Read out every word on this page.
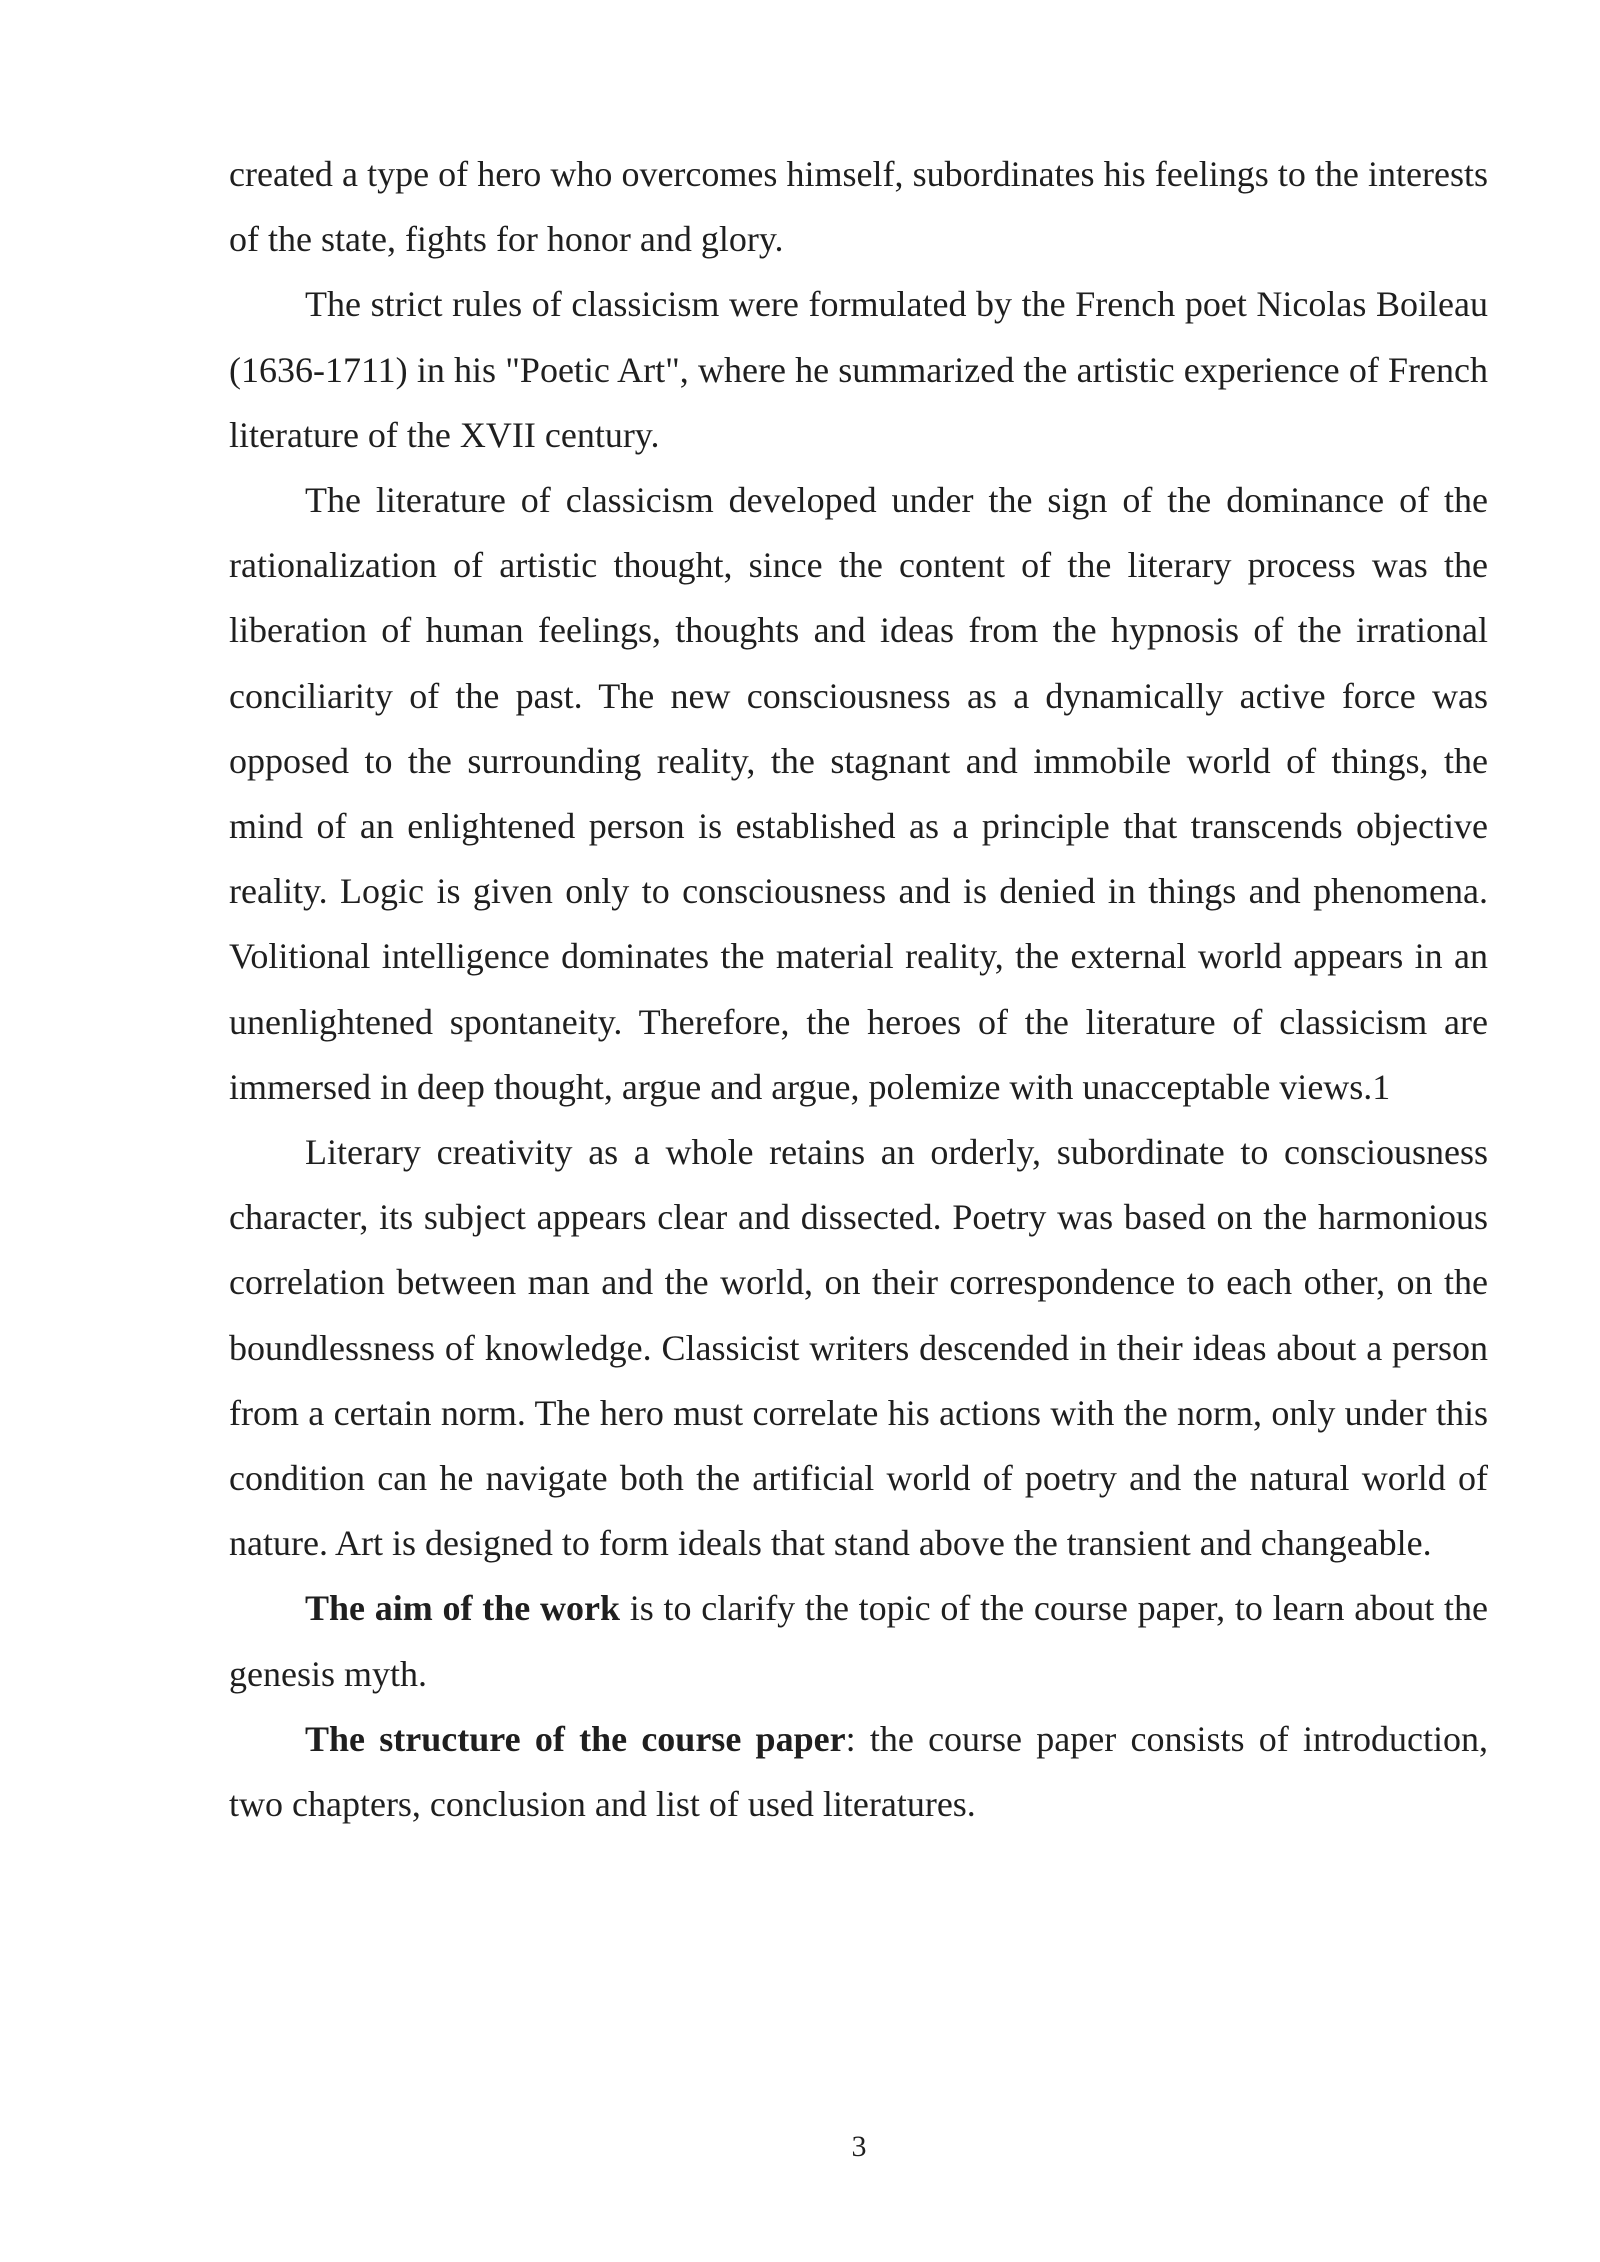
created a type of hero who overcomes himself, subordinates his feelings to the interests of the state, fights for honor and glory.

The strict rules of classicism were formulated by the French poet Nicolas Boileau (1636-1711) in his "Poetic Art", where he summarized the artistic experience of French literature of the XVII century.

The literature of classicism developed under the sign of the dominance of the rationalization of artistic thought, since the content of the literary process was the liberation of human feelings, thoughts and ideas from the hypnosis of the irrational conciliarity of the past. The new consciousness as a dynamically active force was opposed to the surrounding reality, the stagnant and immobile world of things, the mind of an enlightened person is established as a principle that transcends objective reality. Logic is given only to consciousness and is denied in things and phenomena. Volitional intelligence dominates the material reality, the external world appears in an unenlightened spontaneity. Therefore, the heroes of the literature of classicism are immersed in deep thought, argue and argue, polemize with unacceptable views.1

Literary creativity as a whole retains an orderly, subordinate to consciousness character, its subject appears clear and dissected. Poetry was based on the harmonious correlation between man and the world, on their correspondence to each other, on the boundlessness of knowledge. Classicist writers descended in their ideas about a person from a certain norm. The hero must correlate his actions with the norm, only under this condition can he navigate both the artificial world of poetry and the natural world of nature. Art is designed to form ideals that stand above the transient and changeable.

The aim of the work is to clarify the topic of the course paper, to learn about the genesis myth.

The structure of the course paper: the course paper consists of introduction, two chapters, conclusion and list of used literatures.

3
